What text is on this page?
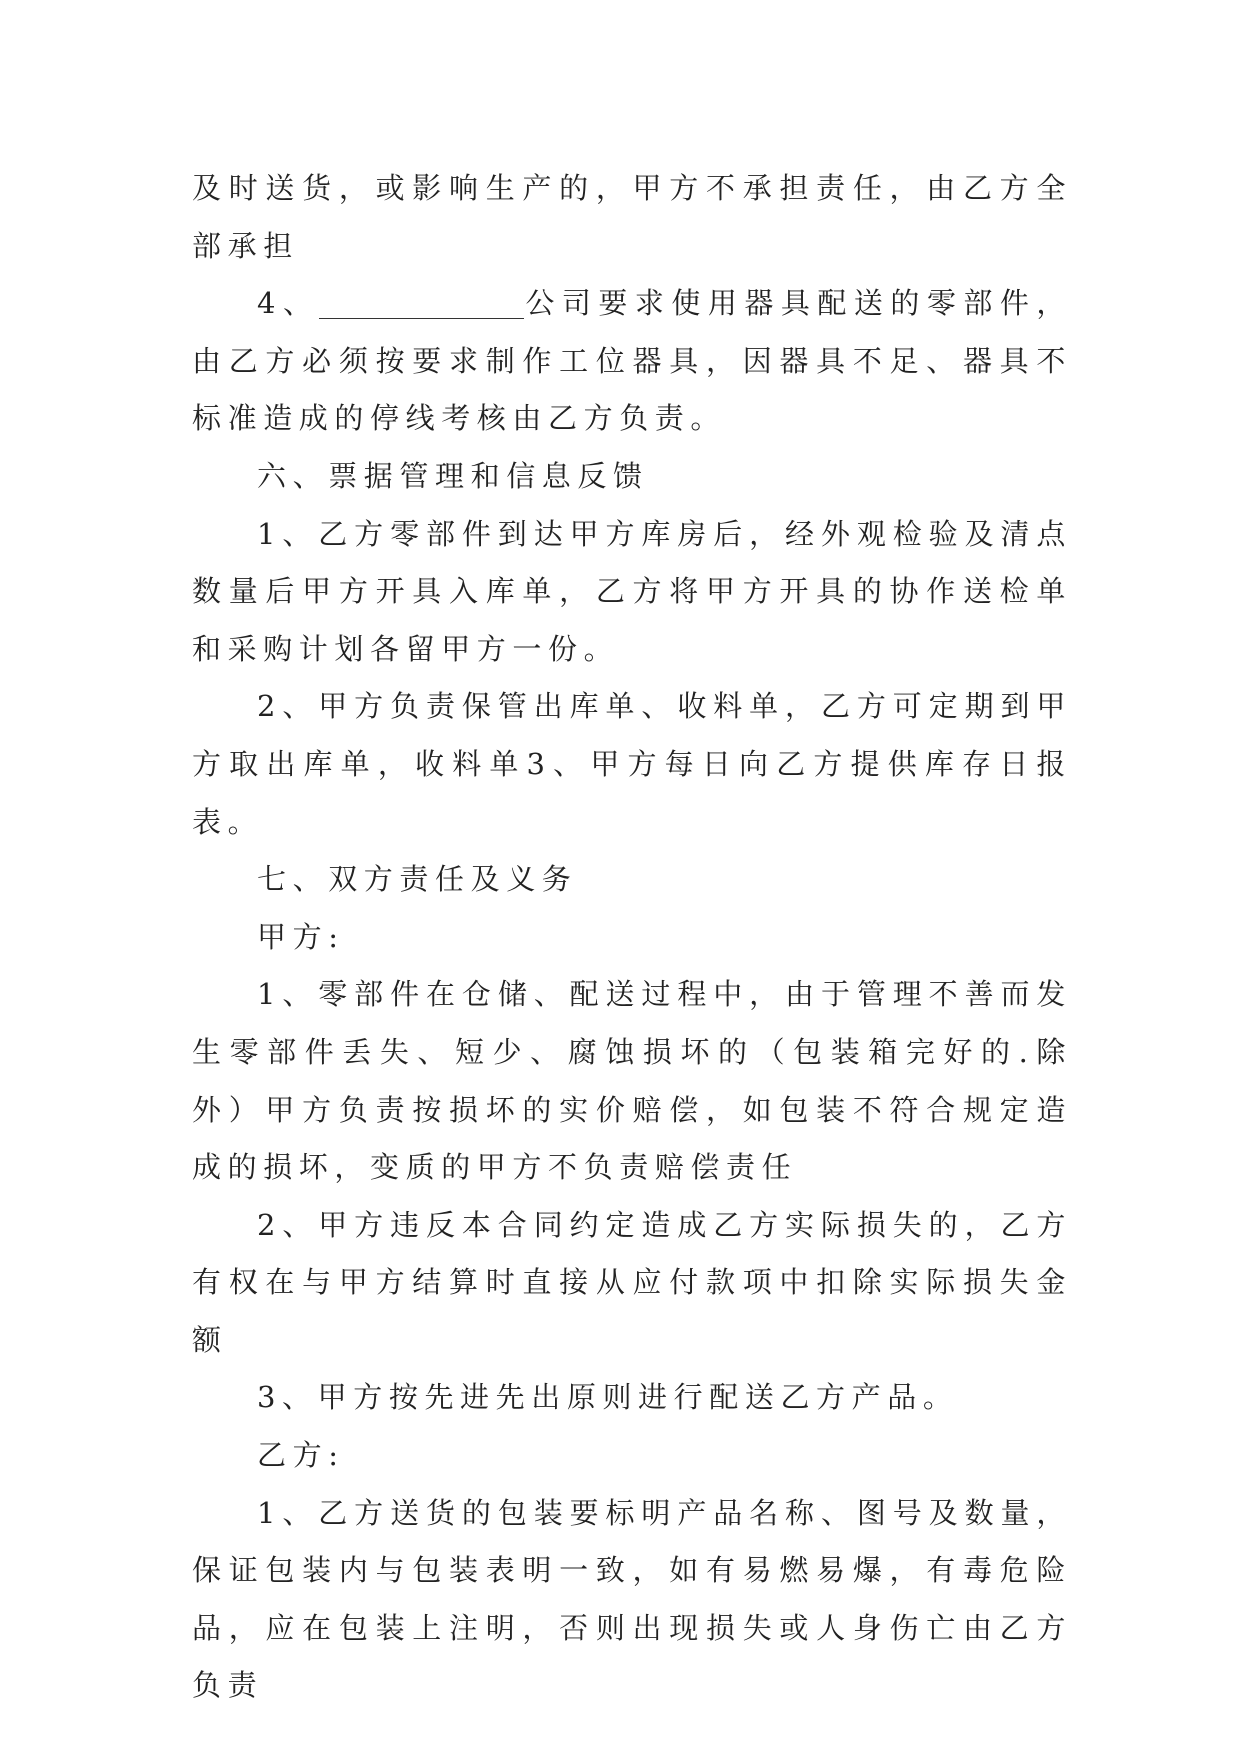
及时送货，或影响生产的，甲方不承担责任，由乙方全部承担

4、	公司要求使用器具配送的零部件，由乙方必须按要求制作工位器具，因器具不足、器具不标准造成的停线考核由乙方负责。

六、票据管理和信息反馈

1、乙方零部件到达甲方库房后，经外观检验及清点数量后甲方开具入库单，乙方将甲方开具的协作送检单和采购计划各留甲方一份。

2、甲方负责保管出库单、收料单，乙方可定期到甲方取出库单，收料单3、甲方每日向乙方提供库存日报表。

七、双方责任及义务

甲方:

1、零部件在仓储、配送过程中，由于管理不善而发生零部件丢失、短少、腐蚀损坏的（包装箱完好的.除外）甲方负责按损坏的实价赔偿，如包装不符合规定造成的损坏，变质的甲方不负责赔偿责任

2、甲方违反本合同约定造成乙方实际损失的，乙方有权在与甲方结算时直接从应付款项中扣除实际损失金额

3、甲方按先进先出原则进行配送乙方产品。

乙方:

1、乙方送货的包装要标明产品名称、图号及数量，保证包装内与包装表明一致，如有易燃易爆，有毒危险品，应在包装上注明，否则出现损失或人身伤亡由乙方负责
